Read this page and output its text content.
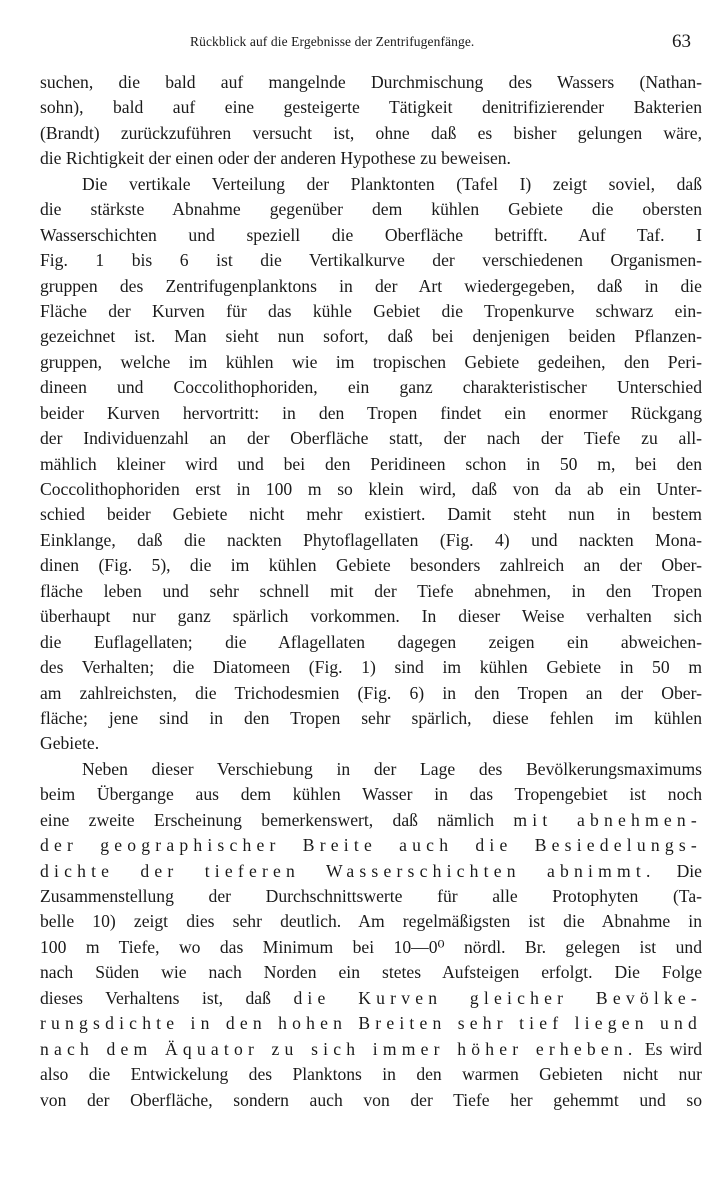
Rückblick auf die Ergebnisse der Zentrifugenfänge.	63
suchen, die bald auf mangelnde Durchmischung des Wassers (Nathan-
sohn), bald auf eine gesteigerte Tätigkeit denitrifizierender Bakterien
(Brandt) zurückzuführen versucht ist, ohne daß es bisher gelungen wäre,
die Richtigkeit der einen oder der anderen Hypothese zu beweisen.
Die vertikale Verteilung der Planktonten (Tafel I) zeigt soviel, daß
die stärkste Abnahme gegenüber dem kühlen Gebiete die obersten
Wasserschichten und speziell die Oberfläche betrifft. Auf Taf. I
Fig. 1 bis 6 ist die Vertikalkurve der verschiedenen Organismen-
gruppen des Zentrifugenplanktons in der Art wiedergegeben, daß in die
Fläche der Kurven für das kühle Gebiet die Tropenkurve schwarz ein-
gezeichnet ist. Man sieht nun sofort, daß bei denjenigen beiden Pflanzen-
gruppen, welche im kühlen wie im tropischen Gebiete gedeihen, den Peri-
dineen und Coccolithophoriden, ein ganz charakteristischer Unterschied
beider Kurven hervortritt: in den Tropen findet ein enormer Rückgang
der Individuenzahl an der Oberfläche statt, der nach der Tiefe zu all-
mählich kleiner wird und bei den Peridineen schon in 50 m, bei den
Coccolithophoriden erst in 100 m so klein wird, daß von da ab ein Unter-
schied beider Gebiete nicht mehr existiert. Damit steht nun in bestem
Einklange, daß die nackten Phytoflagellaten (Fig. 4) und nackten Mona-
dinen (Fig. 5), die im kühlen Gebiete besonders zahlreich an der Ober-
fläche leben und sehr schnell mit der Tiefe abnehmen, in den Tropen
überhaupt nur ganz spärlich vorkommen. In dieser Weise verhalten sich
die Euflagellaten; die Aflagellaten dagegen zeigen ein abweichen-
des Verhalten; die Diatomeen (Fig. 1) sind im kühlen Gebiete in 50 m
am zahlreichsten, die Trichodesmien (Fig. 6) in den Tropen an der Ober-
fläche; jene sind in den Tropen sehr spärlich, diese fehlen im kühlen
Gebiete.
Neben dieser Verschiebung in der Lage des Bevölkerungsmaximums
beim Übergange aus dem kühlen Wasser in das Tropengebiet ist noch
eine zweite Erscheinung bemerkenswert, daß nämlich mit abnehmen-
der geographischer Breite auch die Besiedelungs-
dichte der tieferen Wasserschichten abnimmt. Die
Zusammenstellung der Durchschnittswerte für alle Protophyten (Ta-
belle 10) zeigt dies sehr deutlich. Am regelmäßigsten ist die Abnahme in
100 m Tiefe, wo das Minimum bei 10—0⁰ nördl. Br. gelegen ist und
nach Süden wie nach Norden ein stetes Aufsteigen erfolgt. Die Folge
dieses Verhaltens ist, daß die Kurven gleicher Bevölke-
rungsdichte in den hohen Breiten sehr tief liegen und
nach dem Äquator zu sich immer höher erheben. Es wird
also die Entwickelung des Planktons in den warmen Gebieten nicht nur
von der Oberfläche, sondern auch von der Tiefe her gehemmt und so
